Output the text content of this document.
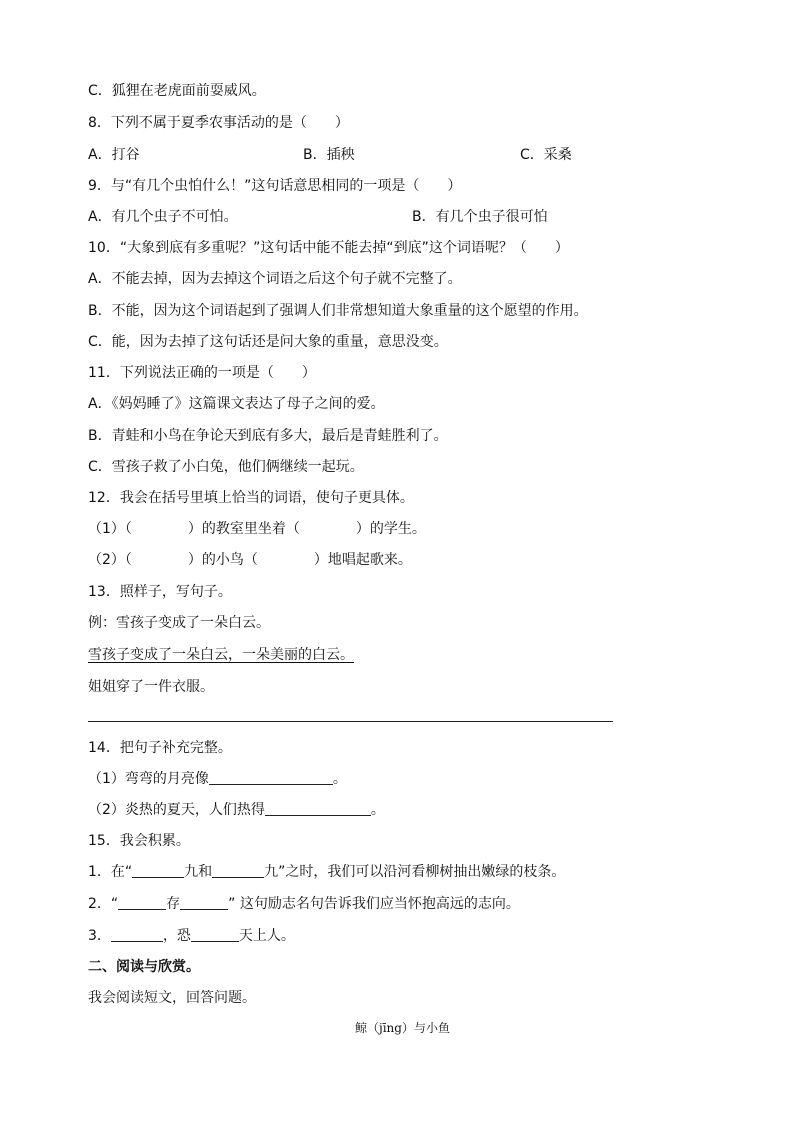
C．狐狸在老虎面前耍威风。
8．下列不属于夏季农事活动的是（　　）
A．打谷	B．插秧	C．采桑
9．与“有几个虫怕什么！”这句话意思相同的一项是（　　）
A．有几个虫子不可怕。	B．有几个虫子很可怕
10．“大象到底有多重呢？”这句话中能不能去掉“到底”这个词语呢？（　　）
A．不能去掉，因为去掉这个词语之后这个句子就不完整了。
B．不能，因为这个词语起到了强调人们非常想知道大象重量的这个愿望的作用。
C．能，因为去掉了这句话还是问大象的重量，意思没变。
11．下列说法正确的一项是（　　）
A．《妈妈睡了》这篇课文表达了母子之间的爱。
B．青蛙和小鸟在争论天到底有多大，最后是青蛙胜利了。
C．雪孩子救了小白兔，他们俩继续一起玩。
12．我会在括号里填上恰当的词语，使句子更具体。
（1）（　　　　）的教室里坐着（　　　　）的学生。
（2）（　　　　）的小鸟（　　　　）地唱起歌来。
13．照样子，写句子。
例：雪孩子变成了一朵白云。
雪孩子变成了一朵白云，一朵美丽的白云。
姐姐穿了一件衣服。
14．把句子补充完整。
（1）弯弯的月亮像	。
（2）炎热的夏天，人们热得	。
15．我会积累。
1．在“	九和	九”之时，我们可以沿河看柳树抽出嫩绿的枝条。
2．“	存	” 这句励志名句告诉我们应当怀抱高远的志向。
3．	，恐	天上人。
二、阅读与欣赏。
我会阅读短文，回答问题。
鲸（jīng）与小鱼
